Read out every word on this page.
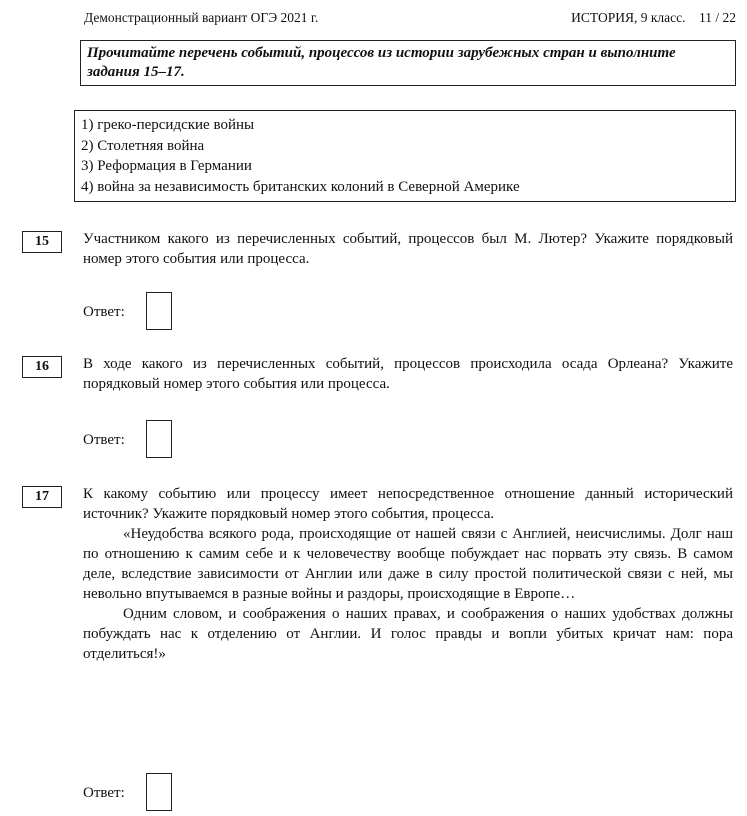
Демонстрационный вариант ОГЭ 2021 г.	ИСТОРИЯ, 9 класс.    11 / 22
Прочитайте перечень событий, процессов из истории зарубежных стран и выполните задания 15–17.
1) греко-персидские войны
2) Столетняя война
3) Реформация в Германии
4) война за независимость британских колоний в Северной Америке
15	Участником какого из перечисленных событий, процессов был М. Лютер? Укажите порядковый номер этого события или процесса.
Ответ:
16	В ходе какого из перечисленных событий, процессов происходила осада Орлеана? Укажите порядковый номер этого события или процесса.
Ответ:
17	К какому событию или процессу имеет непосредственное отношение данный исторический источник? Укажите порядковый номер этого события, процесса.
«Неудобства всякого рода, происходящие от нашей связи с Англией, неисчислимы. Долг наш по отношению к самим себе и к человечеству вообще побуждает нас порвать эту связь. В самом деле, вследствие зависимости от Англии или даже в силу простой политической связи с ней, мы невольно впутываемся в разные войны и раздоры, происходящие в Европе…
Одним словом, и соображения о наших правах, и соображения о наших удобствах должны побуждать нас к отделению от Англии. И голос правды и вопли убитых кричат нам: пора отделиться!»
Ответ:
